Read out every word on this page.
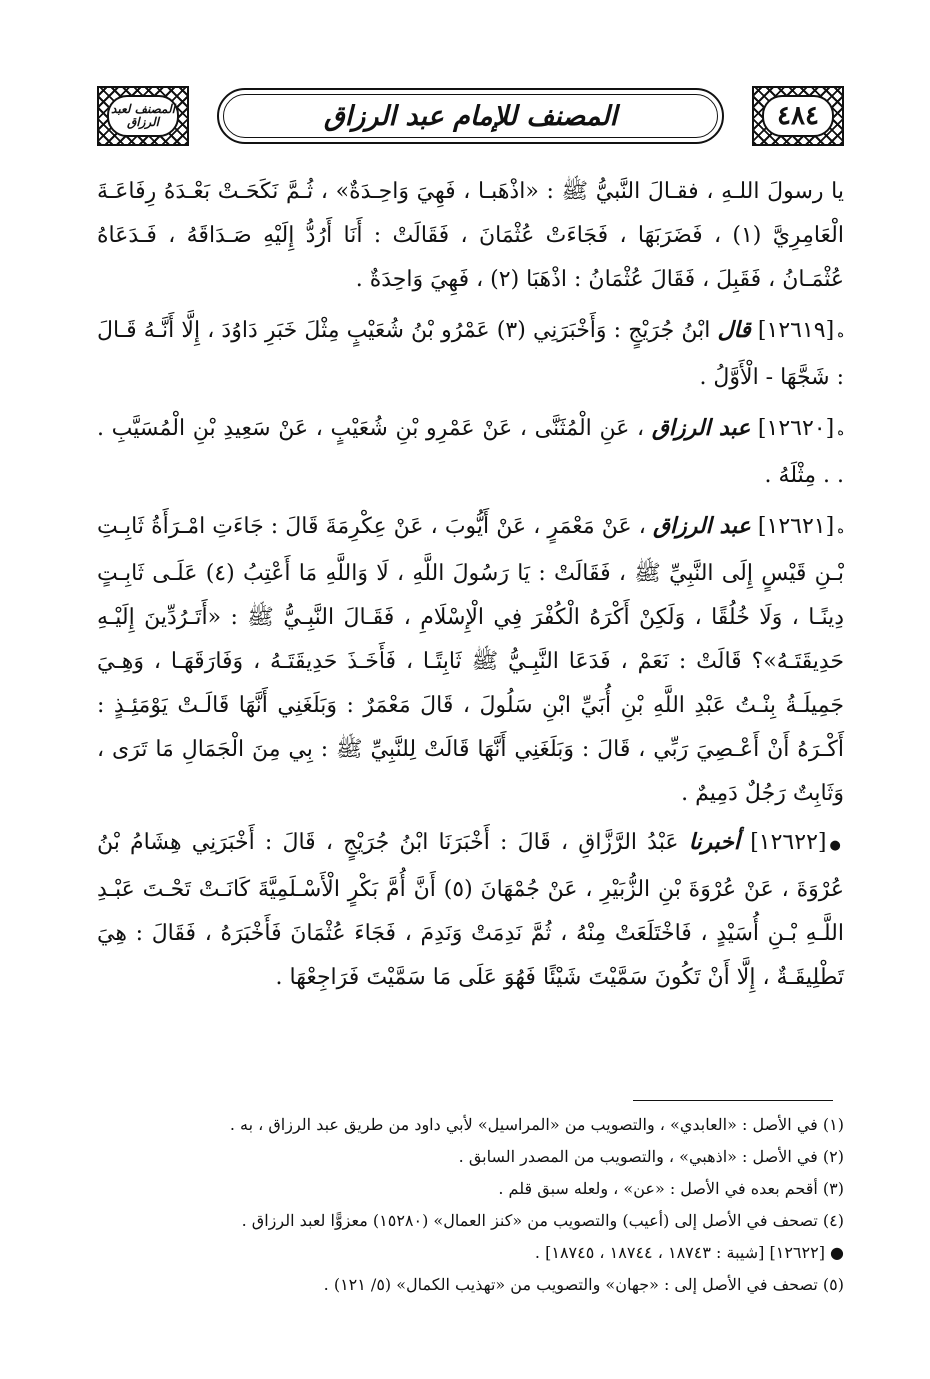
المصنف لعبد الرزاق	المصنف للإمام عبد الرزاق	٤٨٤

يا رسولَ اللـهِ ، فقـالَ النَّبيُّ ﷺ : «اذْهَبـا ، فَهِيَ وَاحِـدَةٌ» ، ثُـمَّ نَكَحَـتْ بَعْـدَهُ رِفَاعَـةَ الْعَامِرِيَّ (١) ، فَضَرَبَهَا ، فَجَاءَتْ عُثْمَانَ ، فَقَالَتْ : أَنَا أَرُدُّ إِلَيْهِ صَـدَاقَهُ ، فَـدَعَاهُ عُثْمَـانُ ، فَقَبِلَ ، فَقَالَ عُثْمَانُ : اذْهَبَا (٢) ، فَهِيَ وَاحِدَةٌ .

ه[١٢٦١٩] قال ابْنُ جُرَيْجٍ : وَأَخْبَرَنِي (٣) عَمْرُو بْنُ شُعَيْبٍ مِثْلَ خَبَرِ دَاوُدَ ، إِلَّا أَنَّـهُ قَـالَ : شَجَّهَا - الْأَوَّلُ .

ه[١٢٦٢٠] عبد الرزاق ، عَنِ الْمُثَنَّى ، عَنْ عَمْرِو بْنِ شُعَيْبٍ ، عَنْ سَعِيدِ بْنِ الْمُسَيَّبِ . . . مِثْلَهُ .

ه[١٢٦٢١] عبد الرزاق ، عَنْ مَعْمَرٍ ، عَنْ أَيُّوبَ ، عَنْ عِكْرِمَةَ قَالَ : جَاءَتِ امْـرَأَةُ ثَابِـتِ بْـنِ قَيْسٍ إِلَى النَّبِيِّ ﷺ ، فَقَالَتْ : يَا رَسُولَ اللَّهِ ، لَا وَاللَّهِ مَا أَعْتِبُ (٤) عَلَـى ثَابِـتٍ دِينًـا ، وَلَا خُلُقًا ، وَلَكِنْ أَكْرَهُ الْكُفْرَ فِي الْإِسْلَامِ ، فَقَـالَ النَّبِـيُّ ﷺ : «أَتَـرُدِّينَ إِلَيْـهِ حَدِيقَتَـهُ»؟ قَالَتْ : نَعَمْ ، فَدَعَا النَّبِـيُّ ﷺ ثَابِتًـا ، فَأَخَـذَ حَدِيقَتَـهُ ، وَفَارَقَهَـا ، وَهِـيَ جَمِيلَـةُ بِنْـتُ عَبْدِ اللَّهِ بْنِ أُبَيِّ ابْنِ سَلُولَ ، قَالَ مَعْمَرٌ : وَبَلَغَنِي أَنَّهَا قَالَـتْ يَوْمَئِـذٍ : أَكْـرَهُ أَنْ أَعْـصِيَ رَبِّي ، قَالَ : وَبَلَغَنِي أَنَّهَا قَالَتْ لِلنَّبِيِّ ﷺ : بِي مِنَ الْجَمَالِ مَا تَرَى ، وَثَابِتٌ رَجُلٌ دَمِيمٌ .

●[١٢٦٢٢] أخبرنا عَبْدُ الرَّزَّاقِ ، قَالَ : أَخْبَرَنَا ابْنُ جُرَيْجٍ ، قَالَ : أَخْبَرَنِي هِشَامُ بْنُ عُرْوَةَ ، عَنْ عُرْوَةَ بْنِ الزُّبَيْرِ ، عَنْ جُمْهَانَ (٥) أَنَّ أُمَّ بَكْرٍ الْأَسْـلَمِيَّةَ كَانَـتْ تَحْـتَ عَبْـدِ اللَّـهِ بْـنِ أُسَيْدٍ ، فَاخْتَلَعَتْ مِنْهُ ، ثُمَّ نَدِمَتْ وَنَدِمَ ، فَجَاءَ عُثْمَانَ فَأَخْبَرَهُ ، فَقَالَ : هِيَ تَطْلِيقَـةٌ ، إِلَّا أَنْ تَكُونَ سَمَّيْتَ شَيْئًا فَهُوَ عَلَى مَا سَمَّيْتَ فَرَاجِعْهَا .

(١) في الأصل : «العابدي» ، والتصويب من «المراسيل» لأبي داود من طريق عبد الرزاق ، به .

(٢) في الأصل : «اذهبي» ، والتصويب من المصدر السابق .

(٣) أقحم بعده في الأصل : «عن» ، ولعله سبق قلم .

(٤) تصحف في الأصل إلى (أعيب) والتصويب من «كنز العمال» (١٥٢٨٠) معزوًّا لعبد الرزاق .

● [١٢٦٢٢] [شيبة : ١٨٧٤٣ ، ١٨٧٤٤ ، ١٨٧٤٥] .

(٥) تصحف في الأصل إلى : «جهان» والتصويب من «تهذيب الكمال» (٥/ ١٢١) .
